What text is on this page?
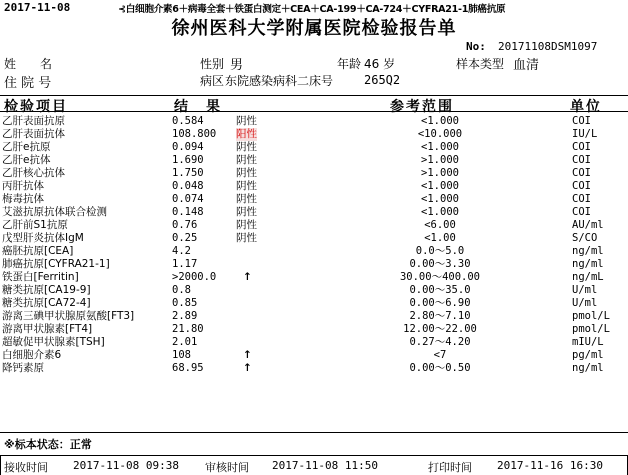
2017-11-08	⊰白细胞介素6＋病毒全套＋铁蛋白测定＋CEA＋CA-199＋CA-724＋CYFRA21-1肺癌抗原
徐州医科大学附属医院检验报告单
No: 20171108DSM1097
姓　　名	性别 男	年龄 46 岁	样本类型 血清
住 院 号	病区 东院感染病科二 床号	265Q2
检验项目	结　果	参考范围	单位
乙肝表面抗原	0.584	阴性	<1.000	COI
乙肝表面抗体	108.800 阳性	<10.000	IU/L
乙肝e抗原	0.094	阴性	<1.000	COI
乙肝e抗体	1.690	阴性	>1.000	COI
乙肝核心抗体	1.750	阴性	>1.000	COI
丙肝抗体	0.048	阴性	<1.000	COI
梅毒抗体	0.074	阴性	<1.000	COI
艾滋抗原抗体联合检测	0.148	阴性	<1.000	COI
乙肝前S1抗原	0.76	阴性	<6.00	AU/ml
戊型肝炎抗体IgM	0.25	阴性	<1.00	S/CO
癌胚抗原[CEA]	4.2	0.0～5.0	ng/ml
肺癌抗原[CYFRA21-1]	1.17	0.00～3.30	ng/ml
铁蛋白[Ferritin]	>2000.0	↑	30.00～400.00	ng/mL
糖类抗原[CA19-9]	0.8	0.00～35.0	U/ml
糖类抗原[CA72-4]	0.85	0.00～6.90	U/ml
游离三碘甲状腺原氨酸[FT3]	2.89	2.80～7.10	pmol/L
游离甲状腺素[FT4]	21.80	12.00～22.00	pmol/L
超敏促甲状腺素[TSH]	2.01	0.27～4.20	mIU/L
白细胞介素6	108	↑	<7	pg/ml
降钙素原	68.95	↑	0.00～0.50	ng/ml
※标本状态：正常
接收时间 2017-11-08 09:38 审核时间 2017-11-08 11:50	打印时间 2017-11-16 16:30
